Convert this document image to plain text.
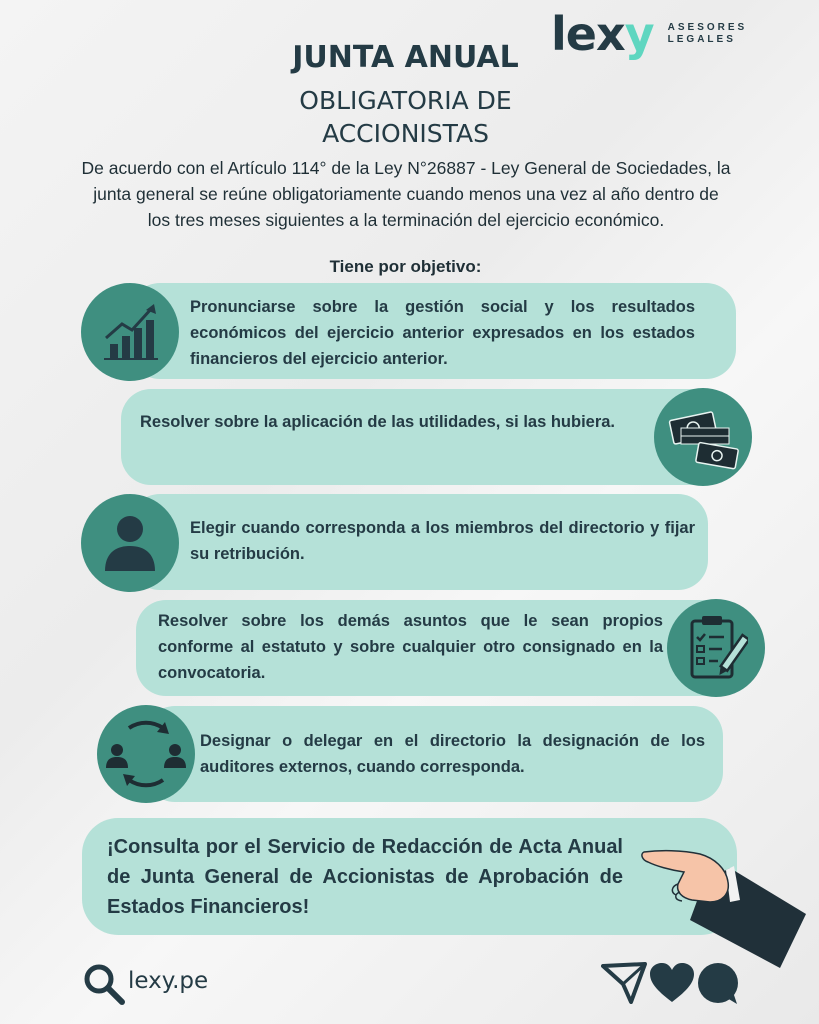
lexy ASESORES
LEGALES
JUNTA ANUAL
OBLIGATORIA DE
ACCIONISTAS
De acuerdo con el Artículo 114° de la Ley N°26887 - Ley General de Sociedades, la junta general se reúne obligatoriamente cuando menos una vez al año dentro de los tres meses siguientes a la terminación del ejercicio económico.
Tiene por objetivo:
Pronunciarse sobre la gestión social y los resultados económicos del ejercicio anterior expresados en los estados financieros del ejercicio anterior.
Resolver sobre la aplicación de las utilidades, si las hubiera.
Elegir cuando corresponda a los miembros del directorio y fijar su retribución.
Resolver sobre los demás asuntos que le sean propios conforme al estatuto y sobre cualquier otro consignado en la convocatoria.
Designar o delegar en el directorio la designación de los auditores externos, cuando corresponda.
¡Consulta por el Servicio de Redacción de Acta Anual de Junta General de Accionistas de Aprobación de Estados Financieros!
lexy.pe
